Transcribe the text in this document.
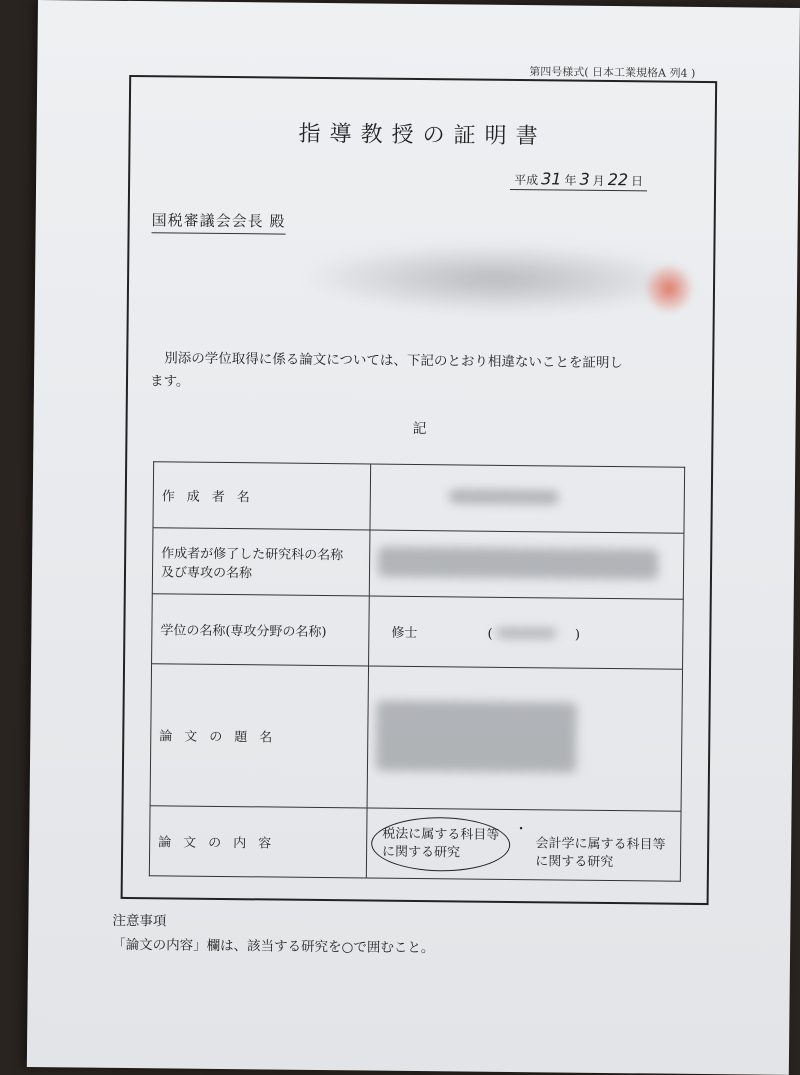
第四号様式( 日本工業規格A 列4 )
指導教授の証明書
平成 31 年 3 月 22 日
国税審議会会長 殿
別添の学位取得に係る論文については、下記のとおり相違ないことを証明し
ます。
記
作成者名	

作成者が修了した研究科の名称
及び専攻の名称	

学位の名称(専攻分野の名称)	修士 ( )
論文の題名	
論文の内容	税法に属する科目等
に関する研究
・
会計学に属する科目等
に関する研究
注意事項
「論文の内容」欄は、該当する研究を○で囲むこと。
